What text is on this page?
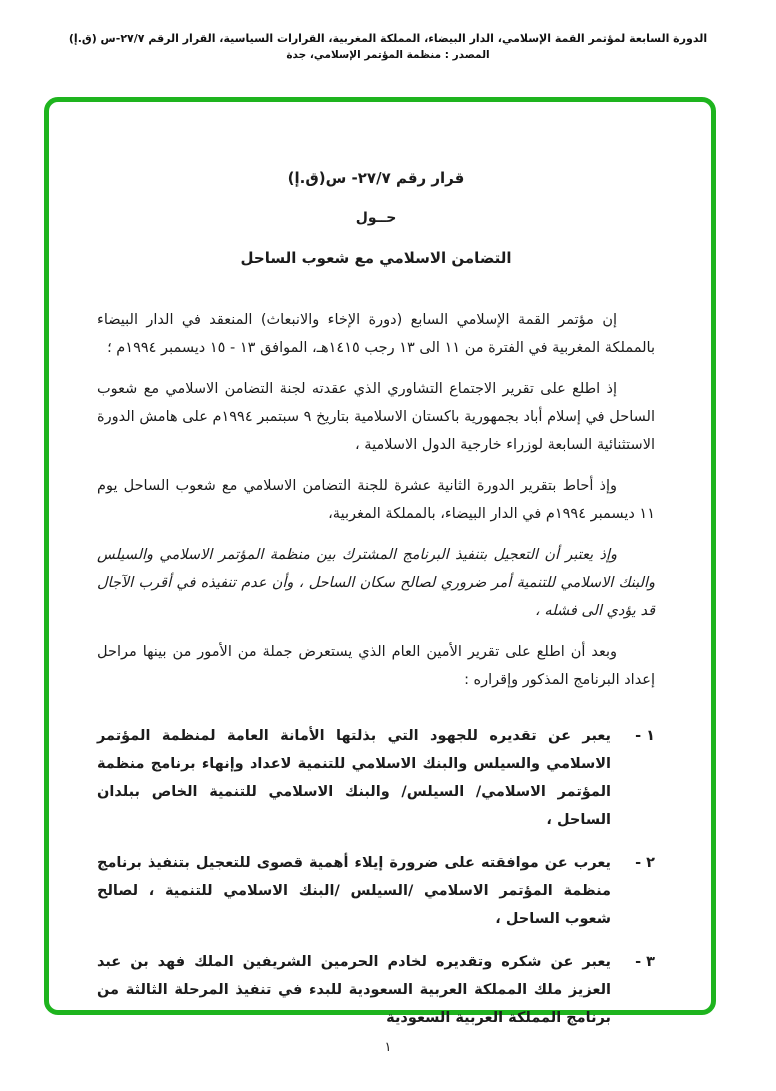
الدورة السابعة لمؤتمر القمة الإسلامي، الدار البيضاء، المملكة المغربية، القرارات السياسية، القرار الرقم ٢٧/٧-س (ق.إ)
المصدر : منظمة المؤتمر الإسلامي، جدة
قرار رقم ٢٧/٧- س(ق.إ)
حــول
التضامن الاسلامي مع شعوب الساحل

إن مؤتمر القمة الإسلامي السابع (دورة الإخاء والانبعاث) المنعقد في الدار البيضاء بالمملكة المغربية في الفترة من ١١ الى ١٣ رجب ١٤١٥هـ، الموافق ١٣ - ١٥ ديسمبر ١٩٩٤م ؛

إذ اطلع على تقرير الاجتماع التشاوري الذي عقدته لجنة التضامن الاسلامي مع شعوب الساحل في إسلام أباد بجمهورية باكستان الاسلامية بتاريخ ٩ سبتمبر ١٩٩٤م على هامش الدورة الاستثنائية السابعة لوزراء خارجية الدول الاسلامية ،

وإذ أحاط بتقرير الدورة الثانية عشرة للجنة التضامن الاسلامي مع شعوب الساحل يوم ١١ ديسمبر ١٩٩٤م في الدار البيضاء، بالمملكة المغربية،

وإذ يعتبر أن التعجيل بتنفيذ البرنامج المشترك بين منظمة المؤتمر الاسلامي والسيلس والبنك الاسلامي للتنمية أمر ضروري لصالح سكان الساحل ، وأن عدم تنفيذه في أقرب الآجال قد يؤدي الى فشله ،

وبعد أن اطلع على تقرير الأمين العام الذي يستعرض جملة من الأمور من بينها مراحل إعداد البرنامج المذكور وإقراره :

١ -
يعبر عن تقديره للجهود التي بذلتها الأمانة العامة لمنظمة المؤتمر الاسلامي والسيلس والبنك الاسلامي للتنمية لاعداد وإنهاء برنامج منظمة المؤتمر الاسلامي/ السيلس/ والبنك الاسلامي للتنمية الخاص ببلدان الساحل ،
٢ -
يعرب عن موافقته على ضرورة إيلاء أهمية قصوى للتعجيل بتنفيذ برنامج منظمة المؤتمر الاسلامي /السيلس /البنك الاسلامي للتنمية ، لصالح شعوب الساحل ،
٣ -
يعبر عن شكره وتقديره لخادم الحرمين الشريفين الملك فهد بن عبد العزيز ملك المملكة العربية السعودية للبدء في تنفيذ المرحلة الثالثة من برنامج المملكة العربية السعودية
١
